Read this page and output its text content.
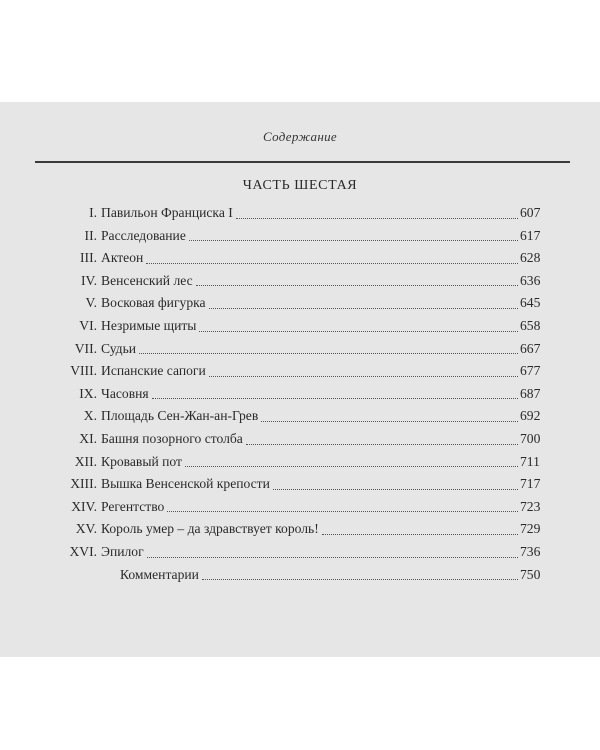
Содержание
ЧАСТЬ ШЕСТАЯ
I. Павильон Франциска I	607
II. Расследование	617
III. Актеон	628
IV. Венсенский лес	636
V. Восковая фигурка	645
VI. Незримые щиты	658
VII. Судьи	667
VIII. Испанские сапоги	677
IX. Часовня	687
X. Площадь Сен-Жан-ан-Грев	692
XI. Башня позорного столба	700
XII. Кровавый пот	711
XIII. Вышка Венсенской крепости	717
XIV. Регентство	723
XV. Король умер – да здравствует король!	729
XVI. Эпилог	736
Комментарии	750
